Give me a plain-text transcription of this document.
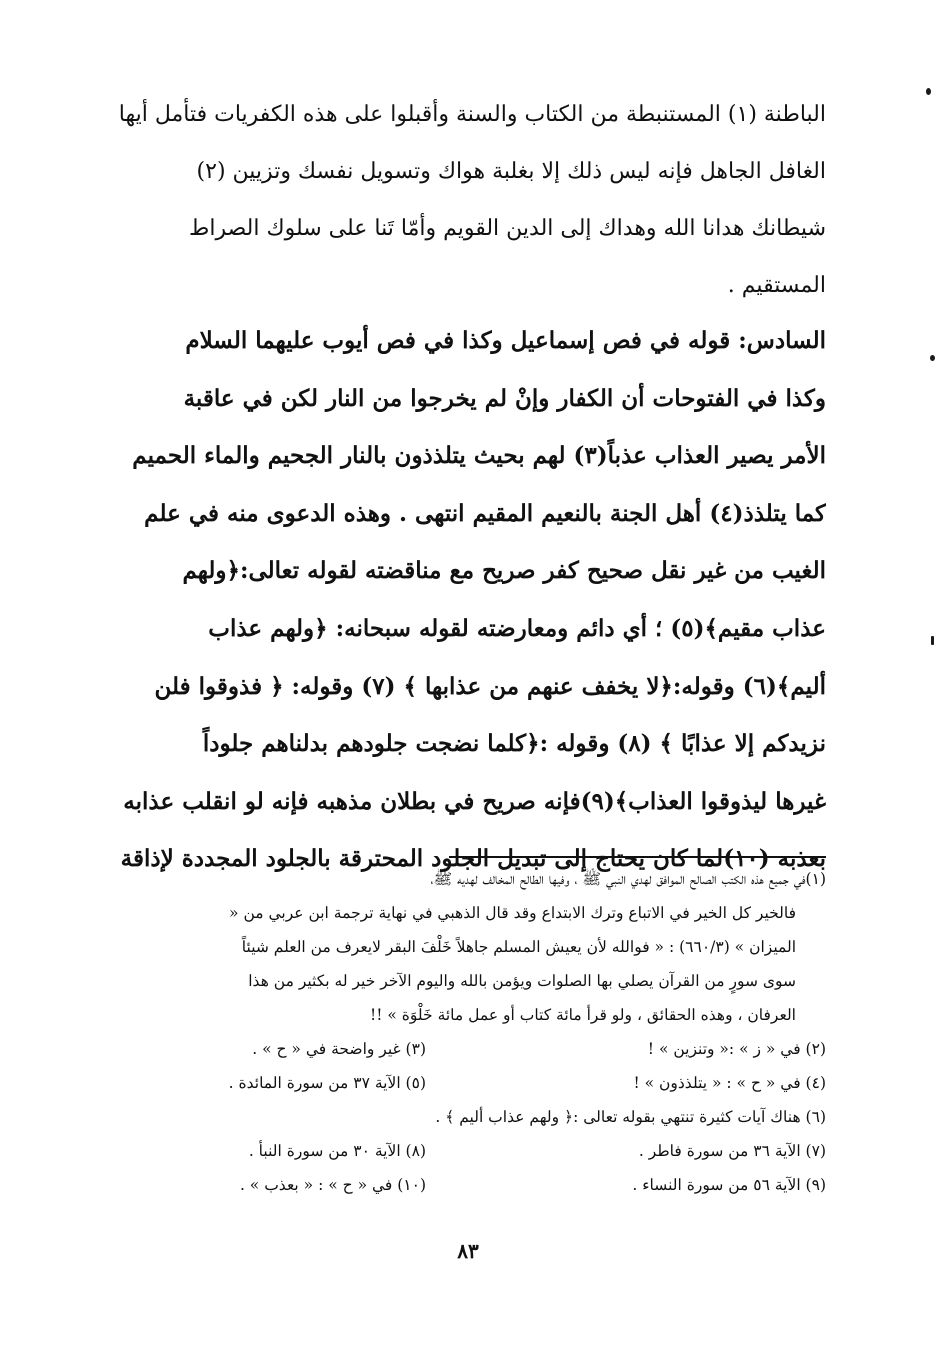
الباطنة (١) المستنبطة من الكتاب والسنة وأقبلوا على هذه الكفريات فتأمل أيها
الغافل الجاهل فإنه ليس ذلك إلا بغلبة هواك وتسويل نفسك وتزيين (٢)
شيطانك هدانا الله وهداك إلى الدين القويم وأمّا تَنا على سلوك الصراط
المستقيم .
السادس: قوله في فص إسماعيل وكذا في فص أيوب عليهما السلام
وكذا في الفتوحات أن الكفار وإنْ لم يخرجوا من النار لكن في عاقبة
الأمر يصير العذاب عذباً(٣) لهم بحيث يتلذذون بالنار الجحيم والماء الحميم
كما يتلذذ(٤) أهل الجنة بالنعيم المقيم انتهى . وهذه الدعوى منه في علم
الغيب من غير نقل صحيح كفر صريح مع مناقضته لقوله تعالى:﴿ولهم
عذاب مقيم﴾(٥) ؛ أي دائم ومعارضته لقوله سبحانه: ﴿ولهم عذاب
أليم﴾(٦) وقوله:﴿لا يخفف عنهم من عذابها ﴾ (٧) وقوله: ﴿ فذوقوا فلن
نزيدكم إلا عذابًا ﴾ (٨) وقوله :﴿كلما نضجت جلودهم بدلناهم جلوداً
غيرها ليذوقوا العذاب﴾(٩)فإنه صريح في بطلان مذهبه فإنه لو انقلب عذابه
بعذبه (١٠)لما كان يحتاج إلى تبديل الجلود المحترقة بالجلود المجددة لإذاقة
(١)في جميع هذه الكتب الصالح الموافق لهدي النبي ﷺ ، وفيها الطالح المخالف لهديه ﷺ،
فالخير كل الخير في الاتباع وترك الابتداع وقد قال الذهبي في نهاية ترجمة ابن عربي من «
الميزان » (٦٦٠/٣) : « فوالله لأن يعيش المسلم جاهلاً خَلْفَ البقر لايعرف من العلم شيئاً
سوى سورٍ من القرآن يصلي بها الصلوات ويؤمن بالله واليوم الآخر خير له بكثير من هذا
العرفان ، وهذه الحقائق ، ولو قرأ مائة كتاب أو عمل مائة خَلْوَة » !!
(٢) في « ز » :« وتنزين » !
(٣) غير واضحة في « ح » .
(٤) في « ح » : « يتلذذون » !
(٥) الآية ٣٧ من سورة المائدة .
(٦) هناك آيات كثيرة تنتهي بقوله تعالى :﴿ ولهم عذاب أليم ﴾ .
(٧) الآية ٣٦ من سورة فاطر .
(٨) الآية ٣٠ من سورة النبأ .
(٩) الآية ٥٦ من سورة النساء .
(١٠) في « ح » : « بعذب » .
٨٣
